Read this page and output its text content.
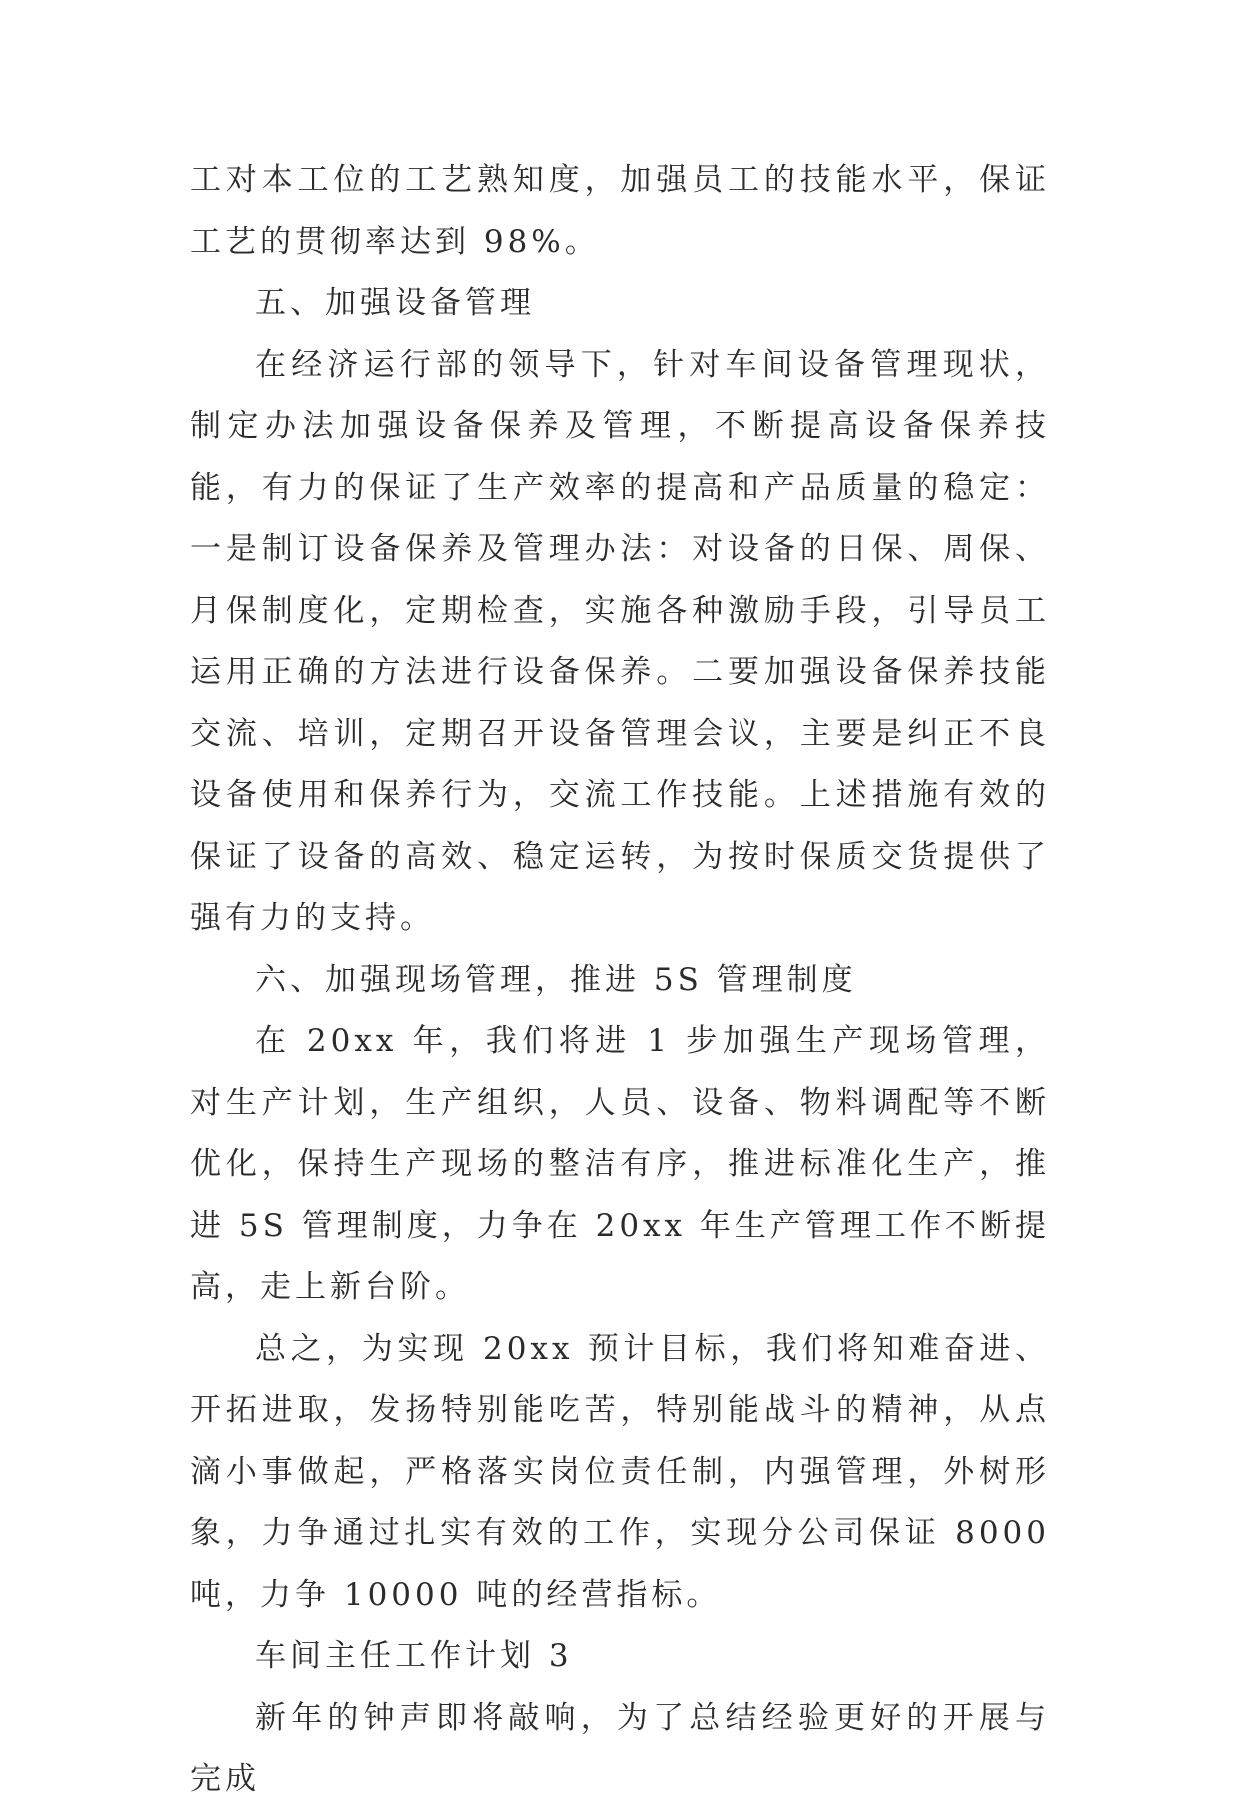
工对本工位的工艺熟知度，加强员工的技能水平，保证工艺的贯彻率达到 98%。

五、加强设备管理

在经济运行部的领导下，针对车间设备管理现状，制定办法加强设备保养及管理，不断提高设备保养技能，有力的保证了生产效率的提高和产品质量的稳定：一是制订设备保养及管理办法：对设备的日保、周保、月保制度化，定期检查，实施各种激励手段，引导员工运用正确的方法进行设备保养。二要加强设备保养技能交流、培训，定期召开设备管理会议，主要是纠正不良设备使用和保养行为，交流工作技能。上述措施有效的保证了设备的高效、稳定运转，为按时保质交货提供了强有力的支持。

六、加强现场管理，推进 5S 管理制度

在 20xx 年，我们将进 1 步加强生产现场管理，对生产计划，生产组织，人员、设备、物料调配等不断优化，保持生产现场的整洁有序，推进标准化生产，推进 5S 管理制度，力争在 20xx 年生产管理工作不断提高，走上新台阶。

总之，为实现 20xx 预计目标，我们将知难奋进、开拓进取，发扬特别能吃苦，特别能战斗的精神，从点滴小事做起，严格落实岗位责任制，内强管理，外树形象，力争通过扎实有效的工作，实现分公司保证 8000 吨，力争 10000 吨的经营指标。

车间主任工作计划 3

新年的钟声即将敲响，为了总结经验更好的开展与完成
